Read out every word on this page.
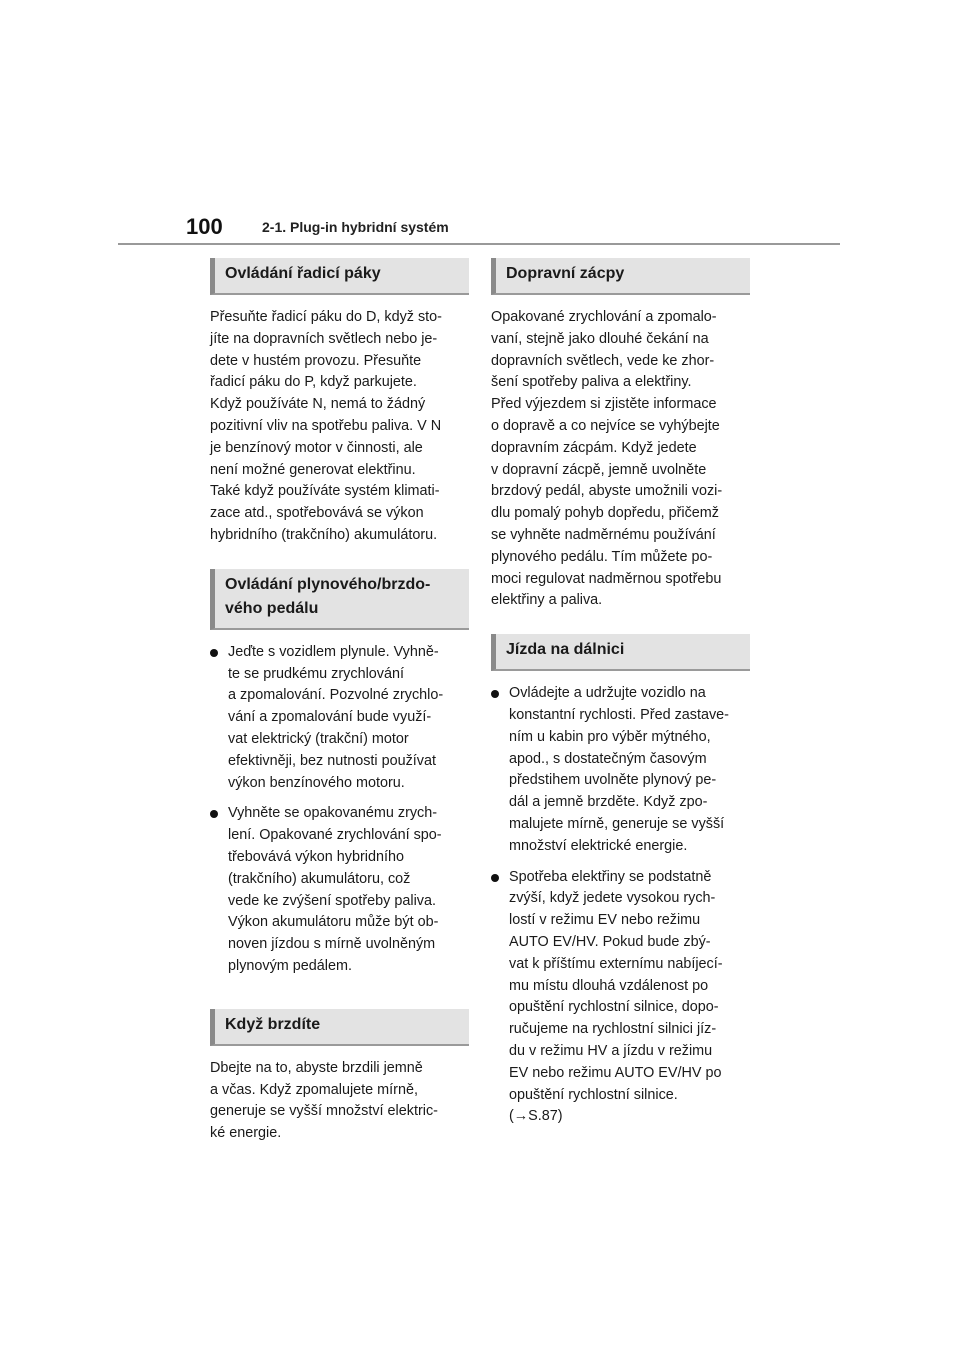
100	2-1. Plug-in hybridní systém
Ovládání řadicí páky

Přesuňte řadicí páku do D, když sto-
jíte na dopravních světlech nebo je-
dete v hustém provozu. Přesuňte
řadicí páku do P, když parkujete.
Když používáte N, nemá to žádný
pozitivní vliv na spotřebu paliva. V N
je benzínový motor v činnosti, ale
není možné generovat elektřinu.
Také když používáte systém klimati-
zace atd., spotřebovává se výkon
hybridního (trakčního) akumulátoru.

Ovládání plynového/brzdo-
vého pedálu
Jeďte s vozidlem plynule. Vyhně-
te se prudkému zrychlování
a zpomalování. Pozvolné zrychlo-
vání a zpomalování bude využí-
vat elektrický (trakční) motor
efektivněji, bez nutnosti používat
výkon benzínového motoru.
Vyhněte se opakovanému zrych-
lení. Opakované zrychlování spo-
třebovává výkon hybridního
(trakčního) akumulátoru, což
vede ke zvýšení spotřeby paliva.
Výkon akumulátoru může být ob-
noven jízdou s mírně uvolněným
plynovým pedálem.
Když brzdíte

Dbejte na to, abyste brzdili jemně
a včas. Když zpomalujete mírně,
generuje se vyšší množství elektric-
ké energie.

Dopravní zácpy

Opakované zrychlování a zpomalo-
vaní, stejně jako dlouhé čekání na
dopravních světlech, vede ke zhor-
šení spotřeby paliva a elektřiny.
Před výjezdem si zjistěte informace
o dopravě a co nejvíce se vyhýbejte
dopravním zácpám. Když jedete
v dopravní zácpě, jemně uvolněte
brzdový pedál, abyste umožnili vozi-
dlu pomalý pohyb dopředu, přičemž
se vyhněte nadměrnému používání
plynového pedálu. Tím můžete po-
moci regulovat nadměrnou spotřebu
elektřiny a paliva.

Jízda na dálnici
Ovládejte a udržujte vozidlo na
konstantní rychlosti. Před zastave-
ním u kabin pro výběr mýtného,
apod., s dostatečným časovým
předstihem uvolněte plynový pe-
dál a jemně brzděte. Když zpo-
malujete mírně, generuje se vyšší
množství elektrické energie.
Spotřeba elektřiny se podstatně
zvýší, když jedete vysokou rych-
lostí v režimu EV nebo režimu
AUTO EV/HV. Pokud bude zbý-
vat k příštímu externímu nabíjecí-
mu místu dlouhá vzdálenost po
opuštění rychlostní silnice, dopo-
ručujeme na rychlostní silnici jíz-
du v režimu HV a jízdu v režimu
EV nebo režimu AUTO EV/HV po
opuštění rychlostní silnice.
(→S.87)
